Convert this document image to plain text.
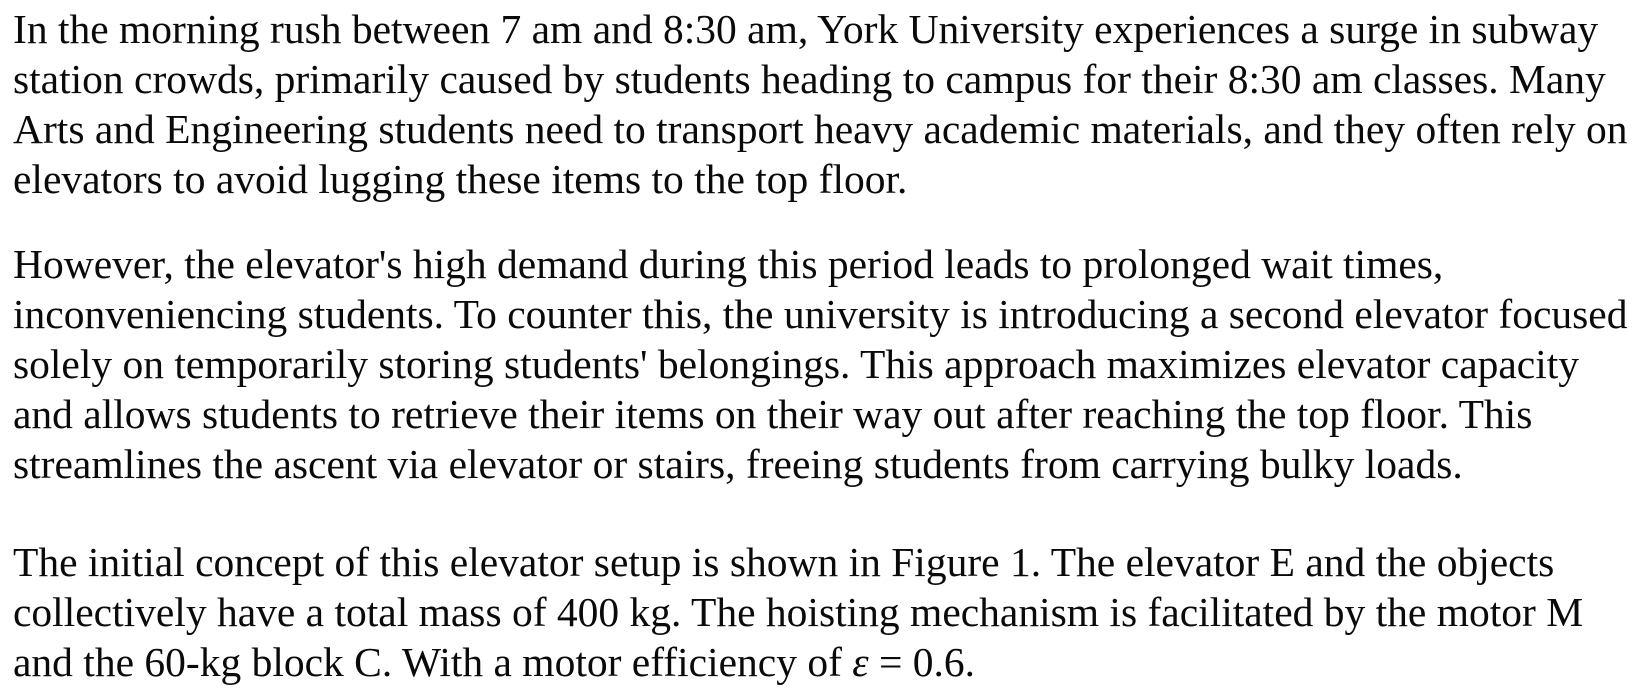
In the morning rush between 7 am and 8:30 am, York University experiences a surge in subway
station crowds, primarily caused by students heading to campus for their 8:30 am classes. Many
Arts and Engineering students need to transport heavy academic materials, and they often rely on
elevators to avoid lugging these items to the top floor.
However, the elevator's high demand during this period leads to prolonged wait times,
inconveniencing students. To counter this, the university is introducing a second elevator focused
solely on temporarily storing students' belongings. This approach maximizes elevator capacity
and allows students to retrieve their items on their way out after reaching the top floor. This
streamlines the ascent via elevator or stairs, freeing students from carrying bulky loads.
The initial concept of this elevator setup is shown in Figure 1. The elevator E and the objects
collectively have a total mass of 400 kg. The hoisting mechanism is facilitated by the motor M
and the 60-kg block C. With a motor efficiency of ε = 0.6.
